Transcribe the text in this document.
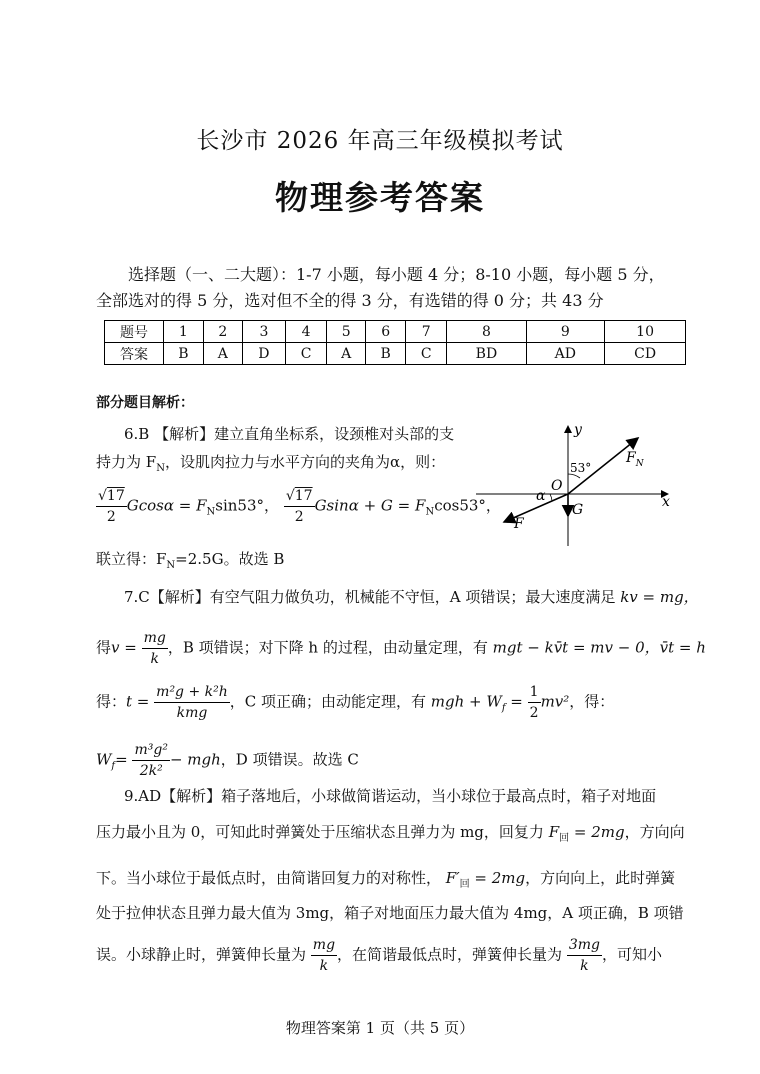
长沙市 2026 年高三年级模拟考试
物理参考答案
选择题（一、二大题）：1-7 小题，每小题 4 分；8-10 小题，每小题 5 分，全部选对的得 5 分，选对但不全的得 3 分，有选错的得 0 分；共 43 分
题号	1	2	3	4	5	6	7	8	9	10
答案	B	A	D	C	A	B	C	BD	AD	CD
部分题目解析：
6.B 【解析】建立直角坐标系，设颈椎对头部的支
持力为 $F_N$，设肌肉拉力与水平方向的夹角为α，则：
$\frac{√17}{2}$ $Gcos\alpha = F_N\sin 53^\circ$， $\frac{√17}{2}$ $Gsin\alpha + G = F_N\cos 53^\circ$，
联立得：$F_N=2.5G$。故选 B
y
x
$F_N$
53°
O
α
G
F
7.C【解析】有空气阻力做负功，机械能不守恒，A 项错误；最大速度满足 kv = mg，
得$v = \frac{mg}{k}$ ，B 项错误；对下降 h 的过程，由动量定理，有 mgt − kv̄t = mv − 0，v̄t = h
得：$t = \frac{\text{m²g + k²h}}{\text{kmg}}$ ，C 项正确；由动能定理，有 mgh + $W_f = \frac{1}{2} mv^2$，得：
$W_f= \frac{\text{m³g²}}{\text{2k²}}$ − mgh，D 项错误。故选 C
9.AD【解析】箱子落地后，小球做简谐运动，当小球位于最高点时，箱子对地面
压力最小且为 0，可知此时弹簧处于压缩状态且弹力为 mg，回复力 $F_回 = 2mg$，方向向
下。当小球位于最低点时，由简谐回复力的对称性， $F'_回 = 2mg$，方向向上，此时弹簧
处于拉伸状态且弹力最大值为 3mg，箱子对地面压力最大值为 4mg，A 项正确，B 项错
误。小球静止时，弹簧伸长量为 $\frac{mg}{k}$ ，在简谐最低点时，弹簧伸长量为 $\frac{3mg}{k}$ ，可知小
物理答案第 1 页（共 5 页）
